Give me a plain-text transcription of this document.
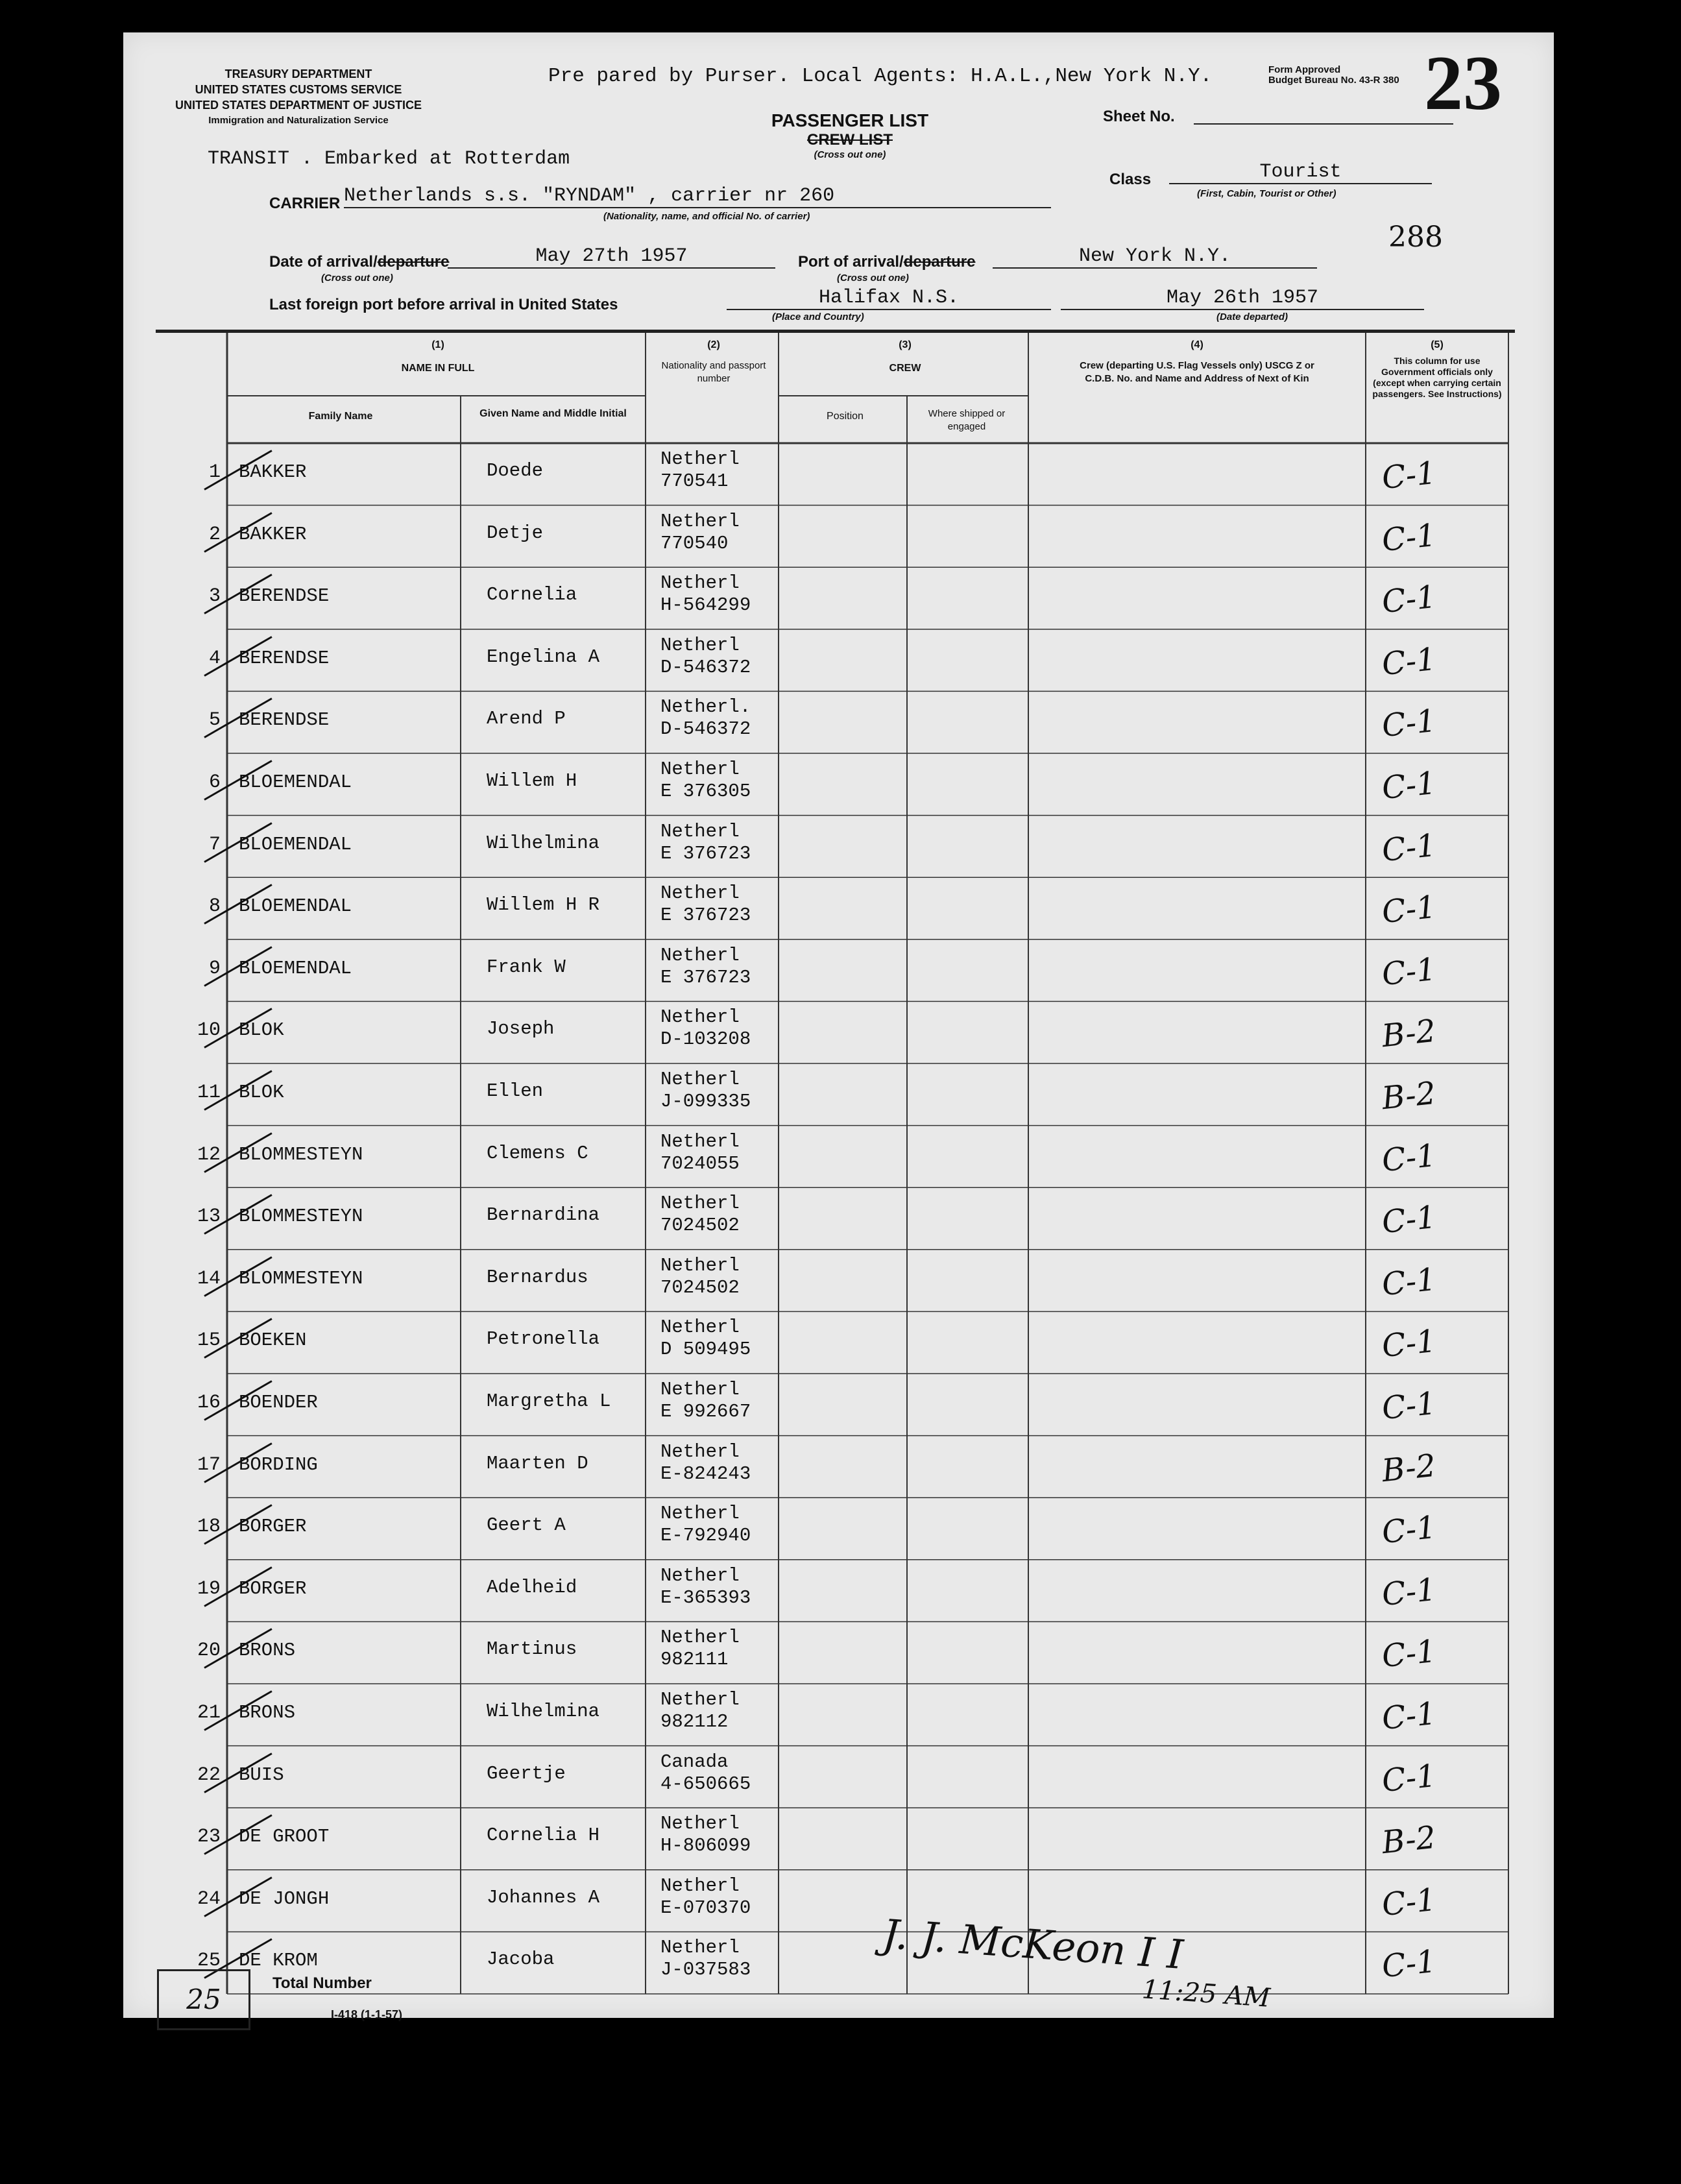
TREASURY DEPARTMENT
UNITED STATES CUSTOMS SERVICE
UNITED STATES DEPARTMENT OF JUSTICE
Immigration and Naturalization Service
Pre pared by Purser. Local Agents: H.A.L.,New York N.Y.	Form Approved
Budget Bureau No. 43-R 380 23
PASSENGER LIST
CREW LIST
(Cross out one)
Sheet No.
TRANSIT . Embarked at Rotterdam
CARRIER Netherlands s.s. "RYNDAM" , carrier nr 260
(Nationality, name, and official No. of carrier)
Class	Tourist
(First, Cabin, Tourist or Other)
Date of arrival/departure
(Cross out one)
May 27th 1957	Port of arrival/departure
(Cross out one)
New York N.Y.
288
Last foreign port before arrival in United States	Halifax N.S.
(Place and Country)
May 26th 1957
(Date departed)
(1)
NAME IN FULL
Family Name	Given Name and Middle Initial
(2)
Nationality and passport number
(3)
CREW
Position	Where shipped or engaged
(4)
Crew (departing U.S. Flag Vessels only) USCG Z or C.D.B. No. and Name and Address of Next of Kin
(5)
This column for use Government officials only (except when carrying certain passengers. See Instructions)
1 BAKKER	Doede
Netherl
770541	C-1
2 BAKKER	Detje
Netherl
770540	C-1
3 BERENDSE	Cornelia
Netherl
H-564299	C-1
4 BERENDSE	Engelina A
Netherl
D-546372	C-1
5 BERENDSE	Arend P
Netherl.
D-546372	C-1
6 BLOEMENDAL	Willem H
Netherl
E 376305	C-1
7 BLOEMENDAL	Wilhelmina
Netherl
E 376723	C-1
8 BLOEMENDAL	Willem H R
Netherl
E 376723	C-1
9 BLOEMENDAL	Frank W
Netherl
E 376723	C-1
10 BLOK	Joseph
Netherl
D-103208	B-2
11 BLOK	Ellen
Netherl
J-099335	B-2
12 BLOMMESTEYN	Clemens C
Netherl
7024055	C-1
13 BLOMMESTEYN	Bernardina
Netherl
7024502	C-1
14 BLOMMESTEYN	Bernardus
Netherl
7024502	C-1
15 BOEKEN	Petronella
Netherl
D 509495	C-1
16 BOENDER	Margretha L
Netherl
E 992667	C-1
17 BORDING	Maarten D
Netherl
E-824243	B-2
18 BORGER	Geert A
Netherl
E-792940	C-1
19 BORGER	Adelheid
Netherl
E-365393	C-1
20 BRONS	Martinus
Netherl
982111	C-1
21 BRONS	Wilhelmina
Netherl
982112	C-1
22 BUIS	Geertje
Canada
4-650665	C-1
23 DE GROOT	Cornelia H
Netherl
H-806099	B-2
24 DE JONGH	Johannes A
Netherl
E-070370	C-1
25 DE KROM	Jacoba
Netherl
J-037583	C-1
25
Total Number
I-418 (1-1-57)
J. J. McKeon I I
11:25 AM
